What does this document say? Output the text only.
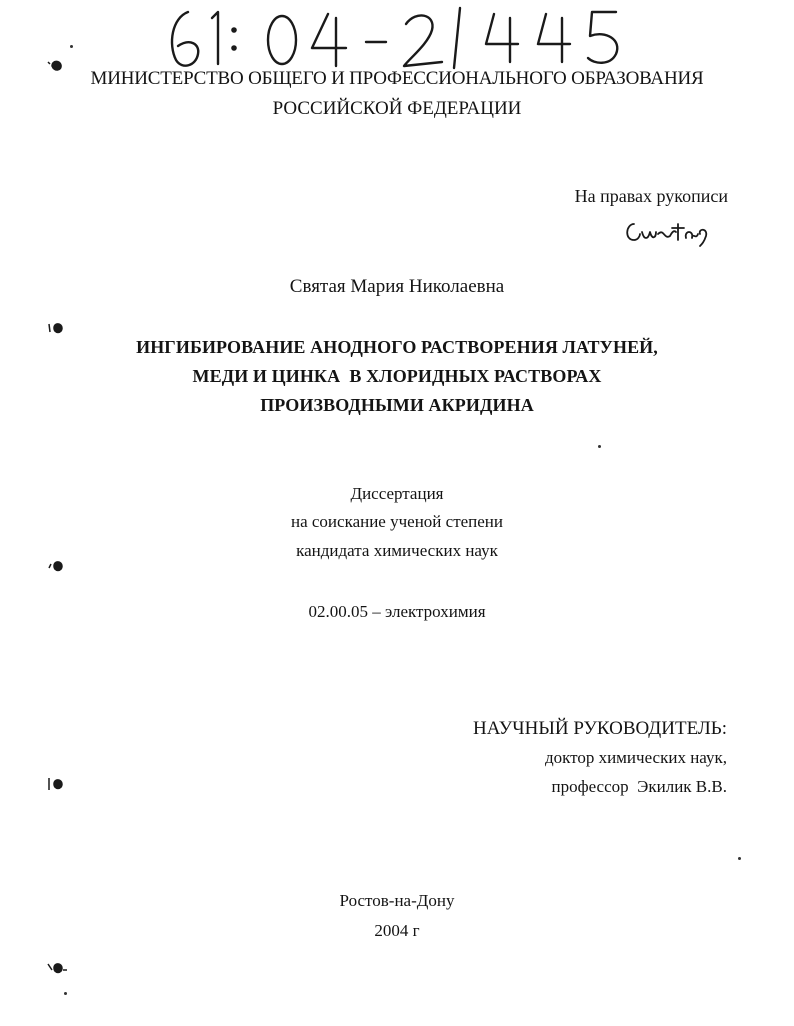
МИНИСТЕРСТВО ОБЩЕГО И ПРОФЕССИОНАЛЬНОГО ОБРАЗОВАНИЯ
РОССИЙСКОЙ ФЕДЕРАЦИИ
На правах рукописи
Святая Мария Николаевна
ИНГИБИРОВАНИЕ АНОДНОГО РАСТВОРЕНИЯ ЛАТУНЕЙ,
МЕДИ И ЦИНКА  В ХЛОРИДНЫХ РАСТВОРАХ
ПРОИЗВОДНЫМИ АКРИДИНА
Диссертация
на соискание ученой степени
кандидата химических наук
02.00.05 – электрохимия
НАУЧНЫЙ РУКОВОДИТЕЛЬ:
доктор химических наук,
профессор  Экилик В.В.
Ростов-на-Дону
2004 г
